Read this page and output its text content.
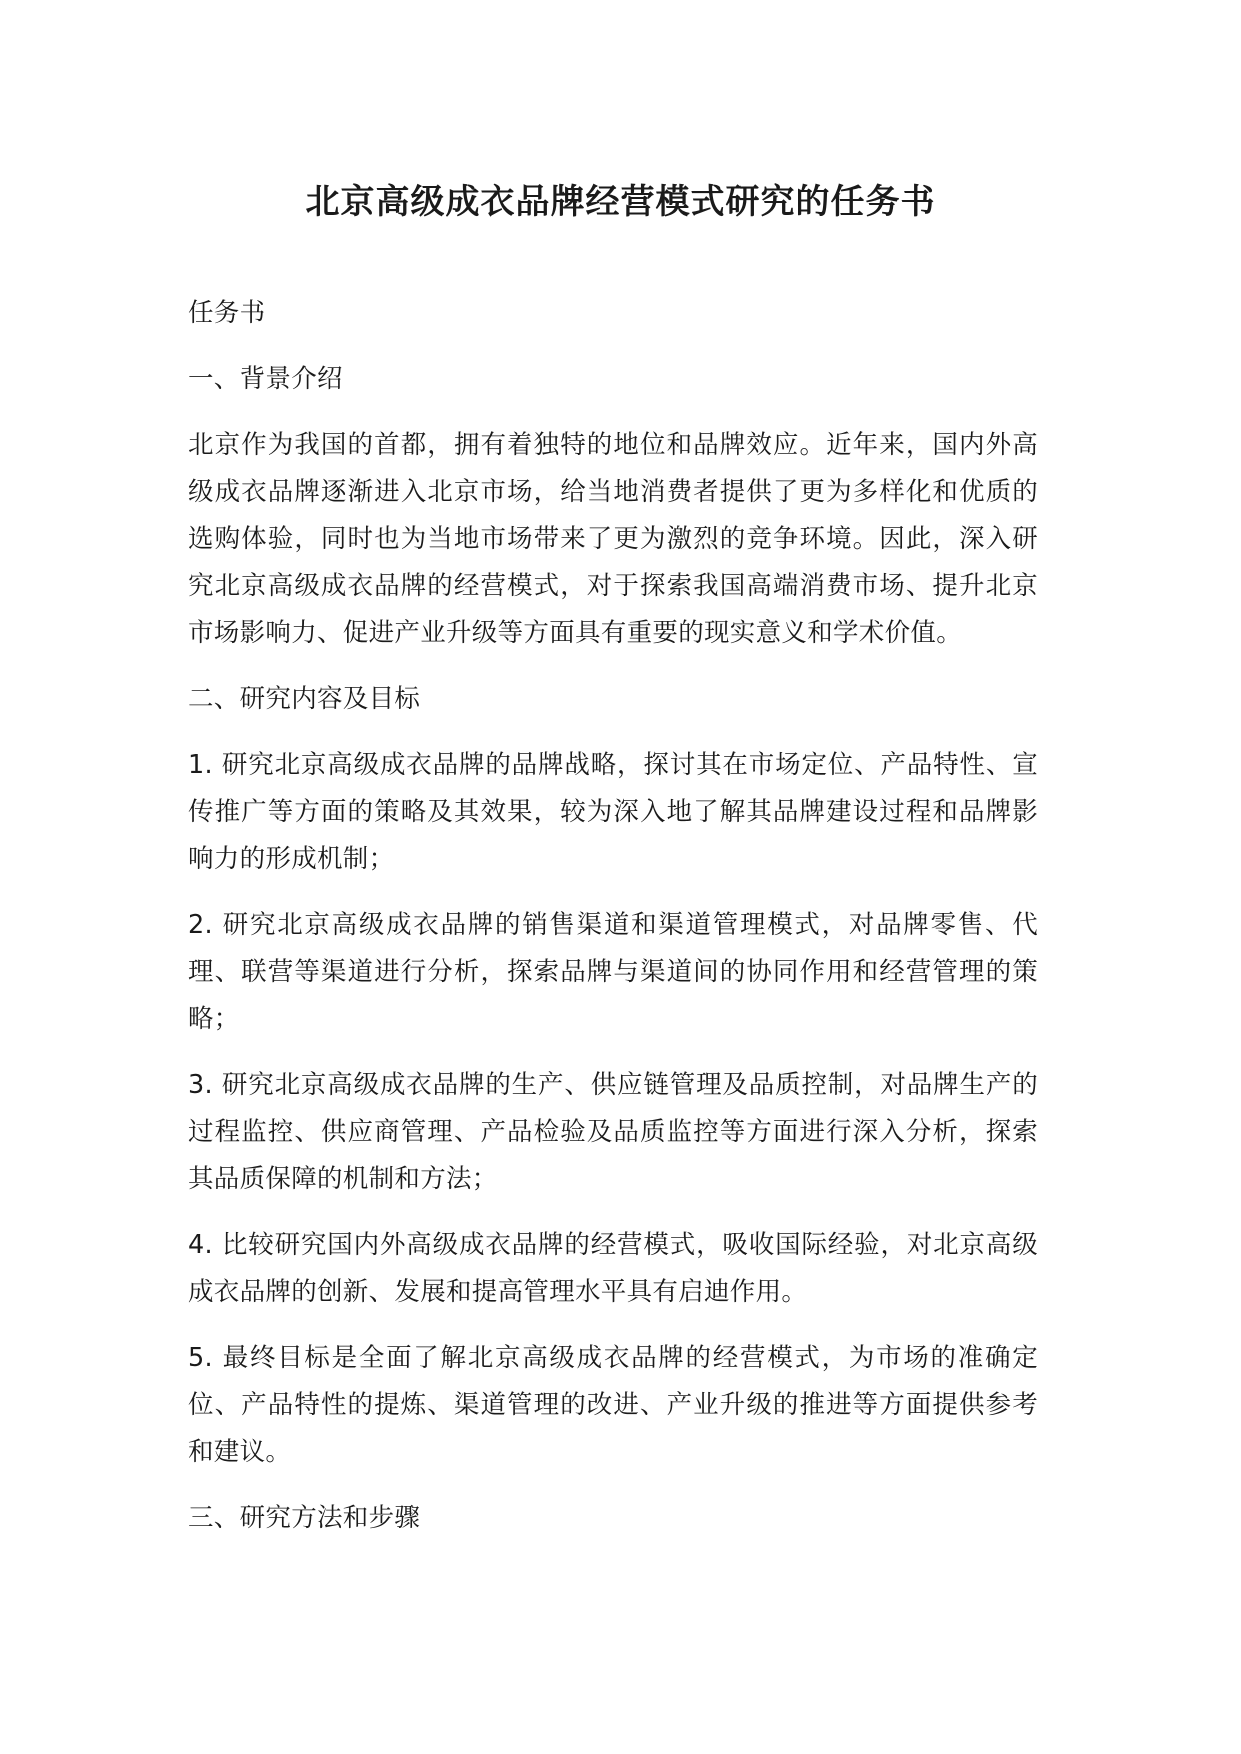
北京高级成衣品牌经营模式研究的任务书

任务书

一、背景介绍

北京作为我国的首都，拥有着独特的地位和品牌效应。近年来，国内外高级成衣品牌逐渐进入北京市场，给当地消费者提供了更为多样化和优质的选购体验，同时也为当地市场带来了更为激烈的竞争环境。因此，深入研究北京高级成衣品牌的经营模式，对于探索我国高端消费市场、提升北京市场影响力、促进产业升级等方面具有重要的现实意义和学术价值。

二、研究内容及目标

1. 研究北京高级成衣品牌的品牌战略，探讨其在市场定位、产品特性、宣传推广等方面的策略及其效果，较为深入地了解其品牌建设过程和品牌影响力的形成机制；

2. 研究北京高级成衣品牌的销售渠道和渠道管理模式，对品牌零售、代理、联营等渠道进行分析，探索品牌与渠道间的协同作用和经营管理的策略；

3. 研究北京高级成衣品牌的生产、供应链管理及品质控制，对品牌生产的过程监控、供应商管理、产品检验及品质监控等方面进行深入分析，探索其品质保障的机制和方法；

4. 比较研究国内外高级成衣品牌的经营模式，吸收国际经验，对北京高级成衣品牌的创新、发展和提高管理水平具有启迪作用。

5. 最终目标是全面了解北京高级成衣品牌的经营模式，为市场的准确定位、产品特性的提炼、渠道管理的改进、产业升级的推进等方面提供参考和建议。

三、研究方法和步骤
